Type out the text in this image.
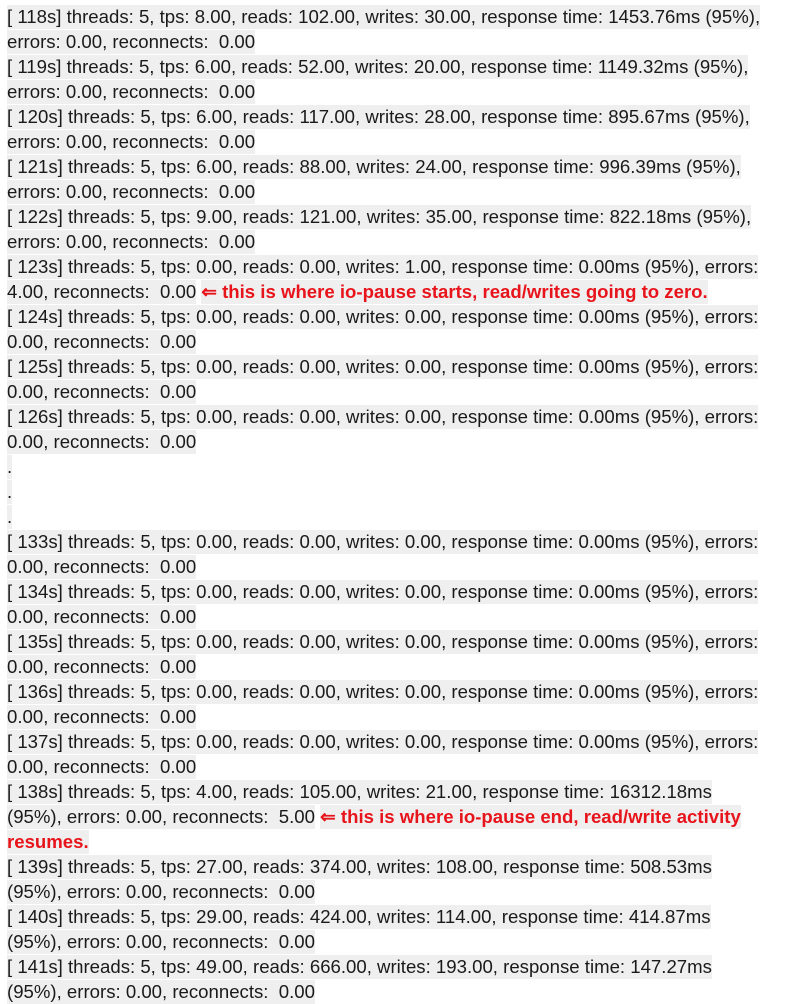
[ 118s] threads: 5, tps: 8.00, reads: 102.00, writes: 30.00, response time: 1453.76ms (95%), errors: 0.00, reconnects:  0.00

[ 119s] threads: 5, tps: 6.00, reads: 52.00, writes: 20.00, response time: 1149.32ms (95%), errors: 0.00, reconnects:  0.00

[ 120s] threads: 5, tps: 6.00, reads: 117.00, writes: 28.00, response time: 895.67ms (95%), errors: 0.00, reconnects:  0.00

[ 121s] threads: 5, tps: 6.00, reads: 88.00, writes: 24.00, response time: 996.39ms (95%), errors: 0.00, reconnects:  0.00

[ 122s] threads: 5, tps: 9.00, reads: 121.00, writes: 35.00, response time: 822.18ms (95%), errors: 0.00, reconnects:  0.00

[ 123s] threads: 5, tps: 0.00, reads: 0.00, writes: 1.00, response time: 0.00ms (95%), errors: 4.00, reconnects:  0.00 ⇐ this is where io-pause starts, read/writes going to zero.

[ 124s] threads: 5, tps: 0.00, reads: 0.00, writes: 0.00, response time: 0.00ms (95%), errors: 0.00, reconnects:  0.00

[ 125s] threads: 5, tps: 0.00, reads: 0.00, writes: 0.00, response time: 0.00ms (95%), errors: 0.00, reconnects:  0.00

[ 126s] threads: 5, tps: 0.00, reads: 0.00, writes: 0.00, response time: 0.00ms (95%), errors: 0.00, reconnects:  0.00

.

.

.

[ 133s] threads: 5, tps: 0.00, reads: 0.00, writes: 0.00, response time: 0.00ms (95%), errors: 0.00, reconnects:  0.00

[ 134s] threads: 5, tps: 0.00, reads: 0.00, writes: 0.00, response time: 0.00ms (95%), errors: 0.00, reconnects:  0.00

[ 135s] threads: 5, tps: 0.00, reads: 0.00, writes: 0.00, response time: 0.00ms (95%), errors: 0.00, reconnects:  0.00

[ 136s] threads: 5, tps: 0.00, reads: 0.00, writes: 0.00, response time: 0.00ms (95%), errors: 0.00, reconnects:  0.00

[ 137s] threads: 5, tps: 0.00, reads: 0.00, writes: 0.00, response time: 0.00ms (95%), errors: 0.00, reconnects:  0.00

[ 138s] threads: 5, tps: 4.00, reads: 105.00, writes: 21.00, response time: 16312.18ms (95%), errors: 0.00, reconnects:  5.00 ⇐ this is where io-pause end, read/write activity resumes.

[ 139s] threads: 5, tps: 27.00, reads: 374.00, writes: 108.00, response time: 508.53ms (95%), errors: 0.00, reconnects:  0.00

[ 140s] threads: 5, tps: 29.00, reads: 424.00, writes: 114.00, response time: 414.87ms (95%), errors: 0.00, reconnects:  0.00

[ 141s] threads: 5, tps: 49.00, reads: 666.00, writes: 193.00, response time: 147.27ms (95%), errors: 0.00, reconnects:  0.00
